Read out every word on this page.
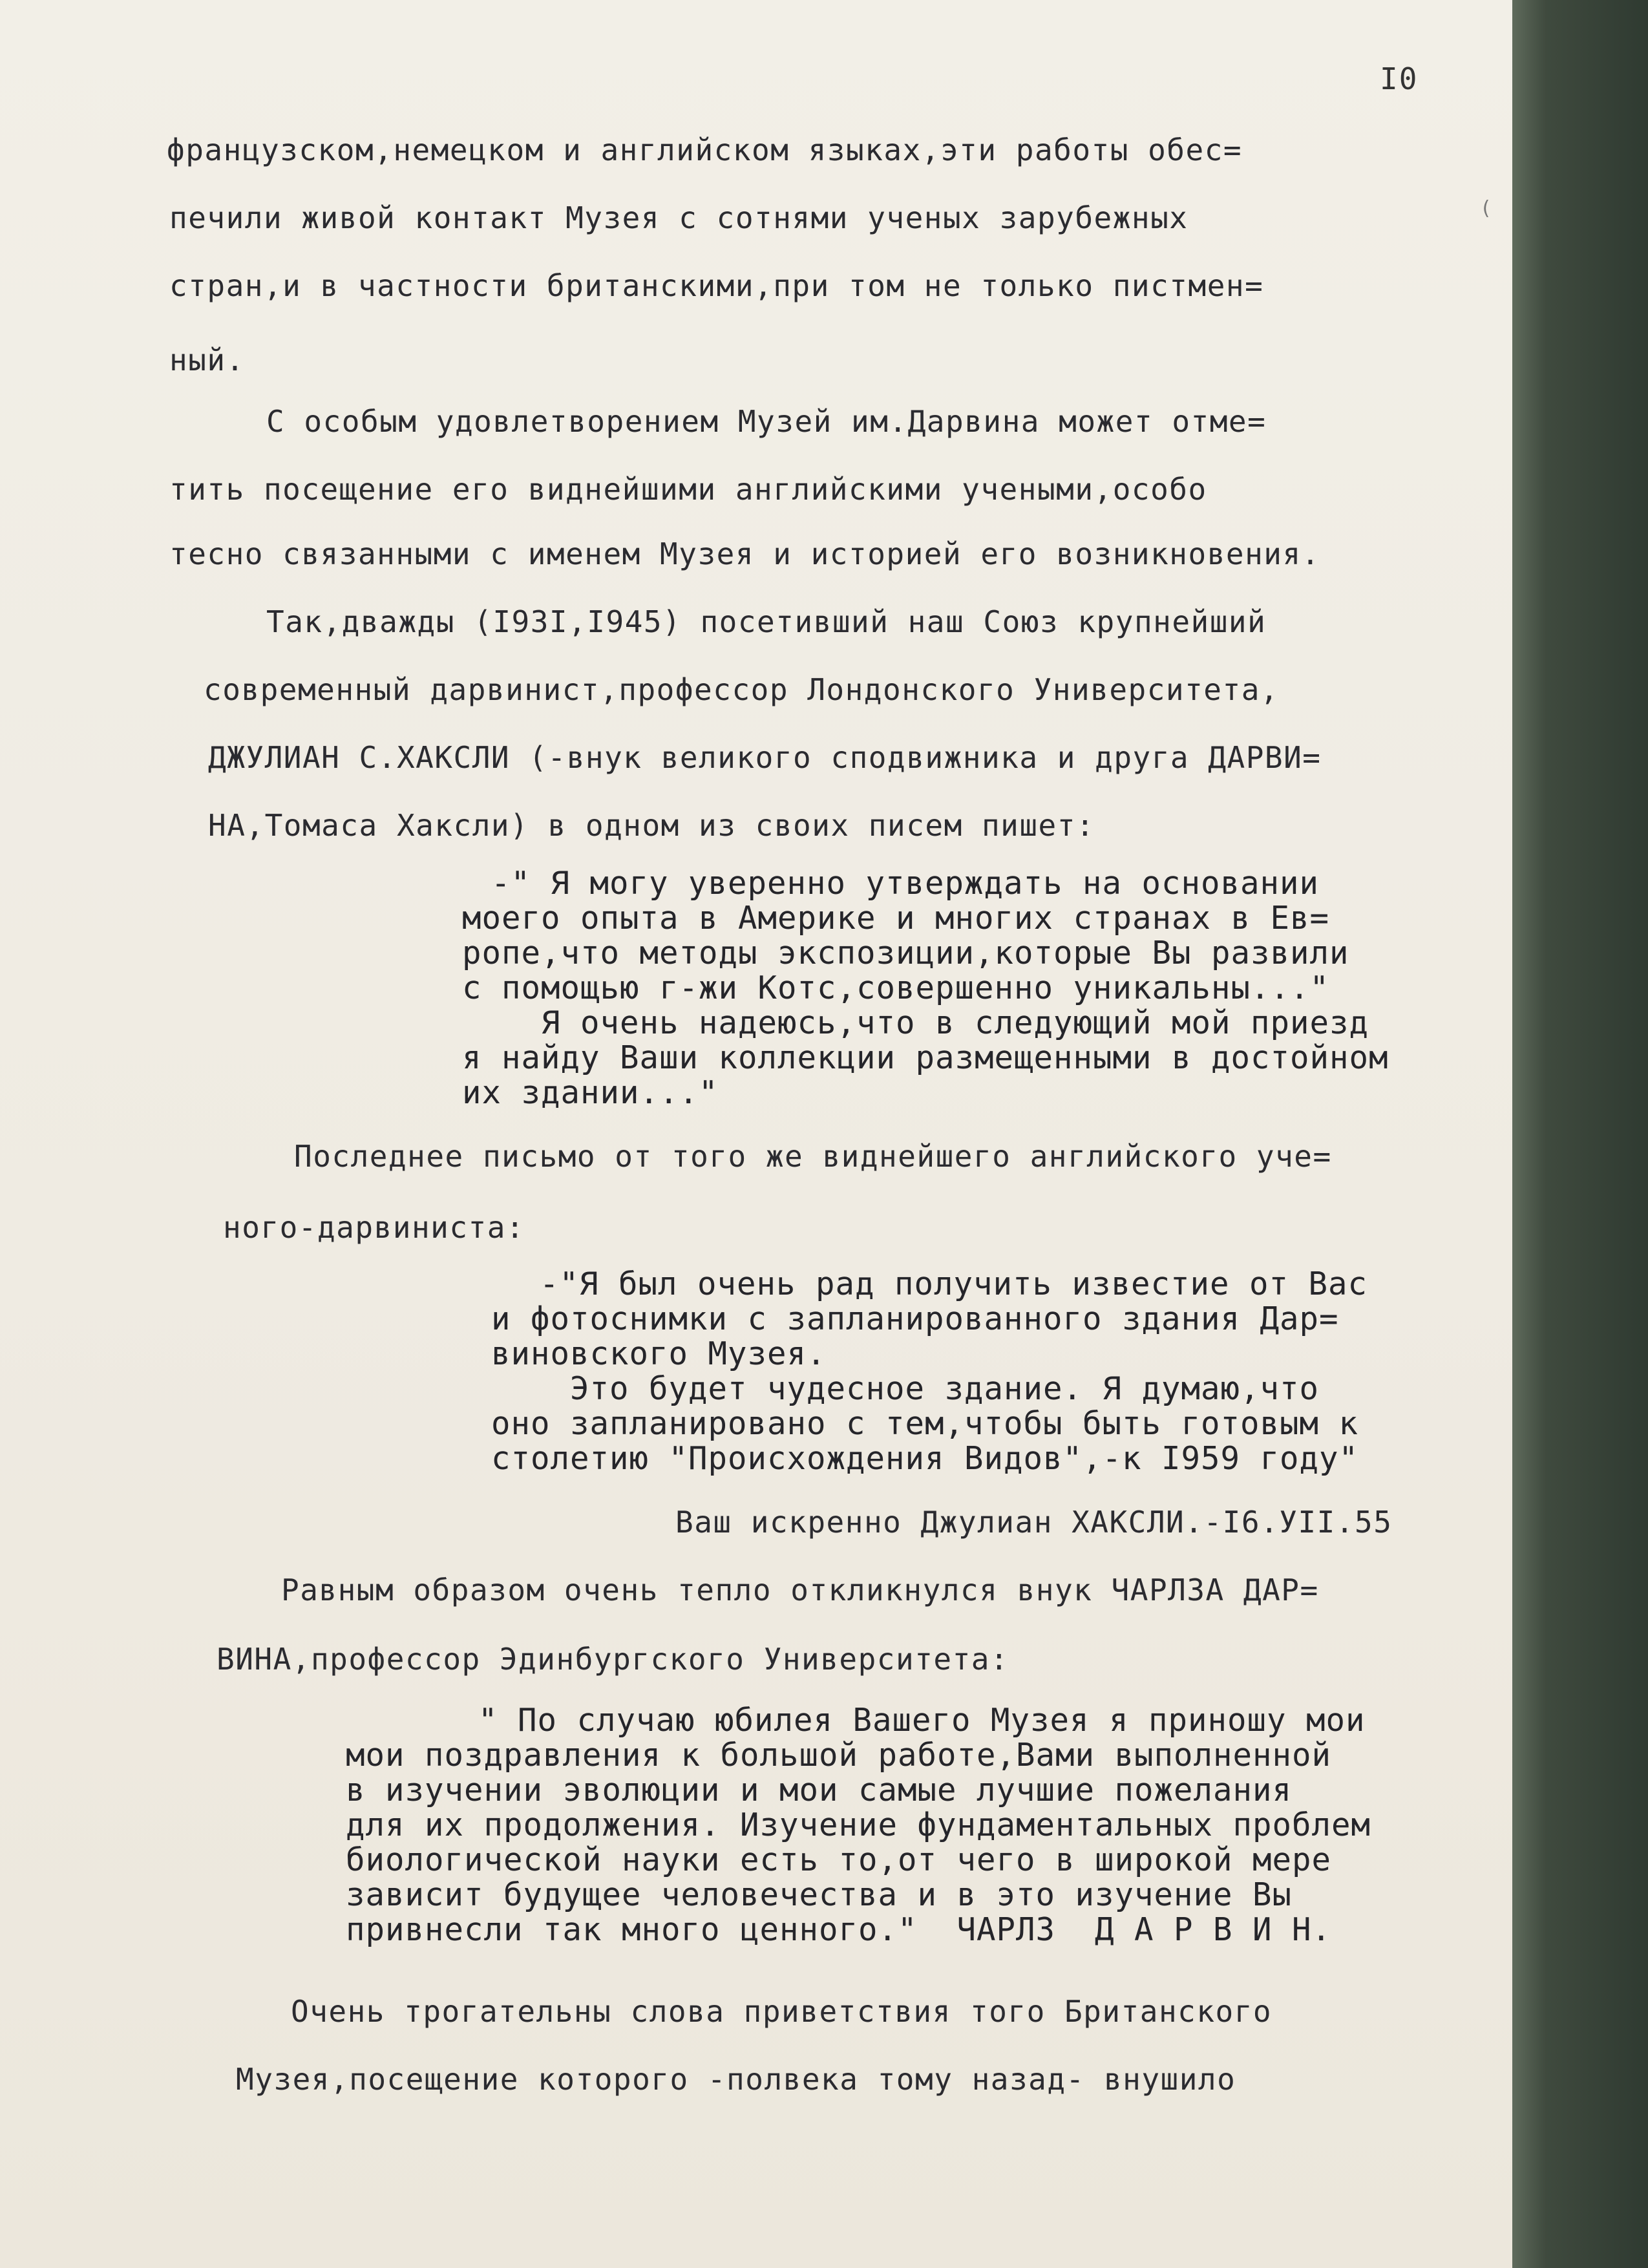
I0
(
французском,немецком и английском языках,эти работы обес=
печили живой контакт Музея с сотнями ученых зарубежных
стран,и в частности британскими,при том не только пистмен=
ный.
С особым удовлетворением Музей им.Дарвина может отме=
тить посещение его виднейшими английскими учеными,особо
тесно связанными с именем Музея и историей его возникновения.
Так,дважды (I93I,I945) посетивший наш Союз крупнейший
современный дарвинист,профессор Лондонского Университета,
ДЖУЛИАН С.ХАКСЛИ (-внук великого сподвижника и друга ДАРВИ=
НА,Томаса Хаксли) в одном из своих писем пишет:
-" Я могу уверенно утверждать на основании
моего опыта в Америке и многих странах в Ев=
ропе,что методы экспозиции,которые Вы развили
с помощью г-жи Котс,совершенно уникальны..."
Я очень надеюсь,что в следующий мой приезд
я найду Ваши коллекции размещенными в достойном
их здании..."
Последнее письмо от того же виднейшего английского уче=
ного-дарвиниста:
-"Я был очень рад получить известие от Вас
и фотоснимки с запланированного здания Дар=
виновского Музея.
Это будет чудесное здание. Я думаю,что
оно запланировано с тем,чтобы быть готовым к
столетию "Происхождения Видов",-к I959 году"
Ваш искренно Джулиан ХАКСЛИ.-I6.УII.55
Равным образом очень тепло откликнулся внук ЧАРЛЗА ДАР=
ВИНА,профессор Эдинбургского Университета:
" По случаю юбилея Вашего Музея я приношу мои
мои поздравления к большой работе,Вами выполненной
в изучении эволюции и мои самые лучшие пожелания
для их продолжения. Изучение фундаментальных проблем
биологической науки есть то,от чего в широкой мере
зависит будущее человечества и в это изучение Вы
привнесли так много ценного."  ЧАРЛЗ  Д А Р В И Н.
Очень трогательны слова приветствия того Британского
Музея,посещение которого -полвека тому назад- внушило
